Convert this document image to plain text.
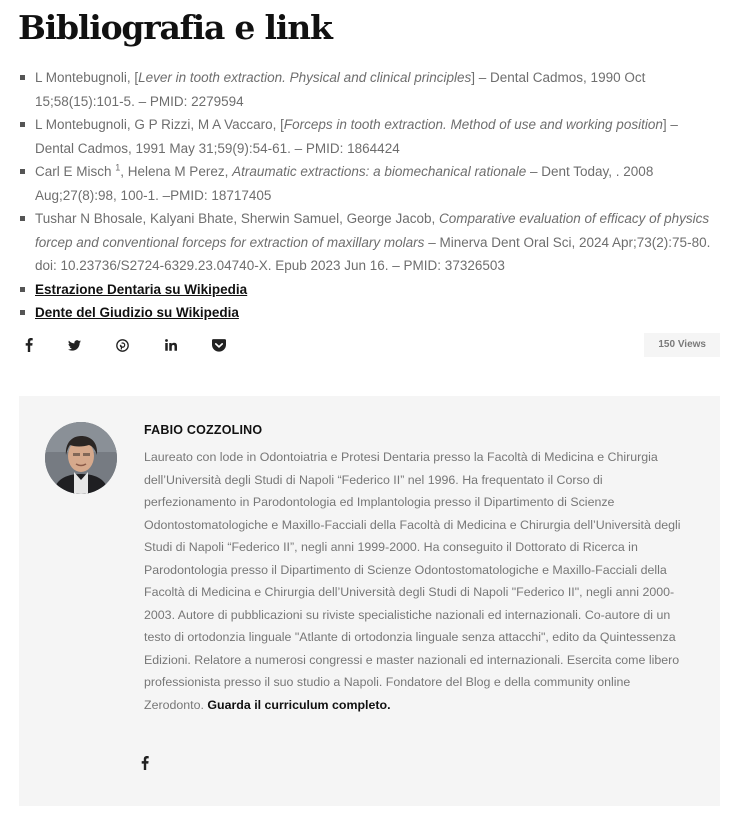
Bibliografia e link
L Montebugnoli, [Lever in tooth extraction. Physical and clinical principles] – Dental Cadmos, 1990 Oct 15;58(15):101-5. – PMID: 2279594
L Montebugnoli, G P Rizzi, M A Vaccaro, [Forceps in tooth extraction. Method of use and working position] – Dental Cadmos, 1991 May 31;59(9):54-61. – PMID: 1864424
Carl E Misch $^1$, Helena M Perez, Atraumatic extractions: a biomechanical rationale – Dent Today, . 2008 Aug;27(8):98, 100-1. –PMID: 18717405
Tushar N Bhosale, Kalyani Bhate, Sherwin Samuel, George Jacob, Comparative evaluation of efficacy of physics forcep and conventional forceps for extraction of maxillary molars – Minerva Dent Oral Sci, 2024 Apr;73(2):75-80. doi: 10.23736/S2724-6329.23.04740-X. Epub 2023 Jun 16. – PMID: 37326503
Estrazione Dentaria su Wikipedia
Dente del Giudizio su Wikipedia
150 Views
FABIO COZZOLINO

Laureato con lode in Odontoiatria e Protesi Dentaria presso la Facoltà di Medicina e Chirurgia dell’Università degli Studi di Napoli “Federico II” nel 1996. Ha frequentato il Corso di perfezionamento in Parodontologia ed Implantologia presso il Dipartimento di Scienze Odontostomatologiche e Maxillo-Facciali della Facoltà di Medicina e Chirurgia dell’Università degli Studi di Napoli “Federico II”, negli anni 1999-2000. Ha conseguito il Dottorato di Ricerca in Parodontologia presso il Dipartimento di Scienze Odontostomatologiche e Maxillo-Facciali della Facoltà di Medicina e Chirurgia dell’Università degli Studi di Napoli "Federico II", negli anni 2000-2003. Autore di pubblicazioni su riviste specialistiche nazionali ed internazionali. Co-autore di un testo di ortodonzia linguale "Atlante di ortodonzia linguale senza attacchi", edito da Quintessenza Edizioni. Relatore a numerosi congressi e master nazionali ed internazionali. Esercita come libero professionista presso il suo studio a Napoli. Fondatore del Blog e della community online Zerodonto. Guarda il curriculum completo.
